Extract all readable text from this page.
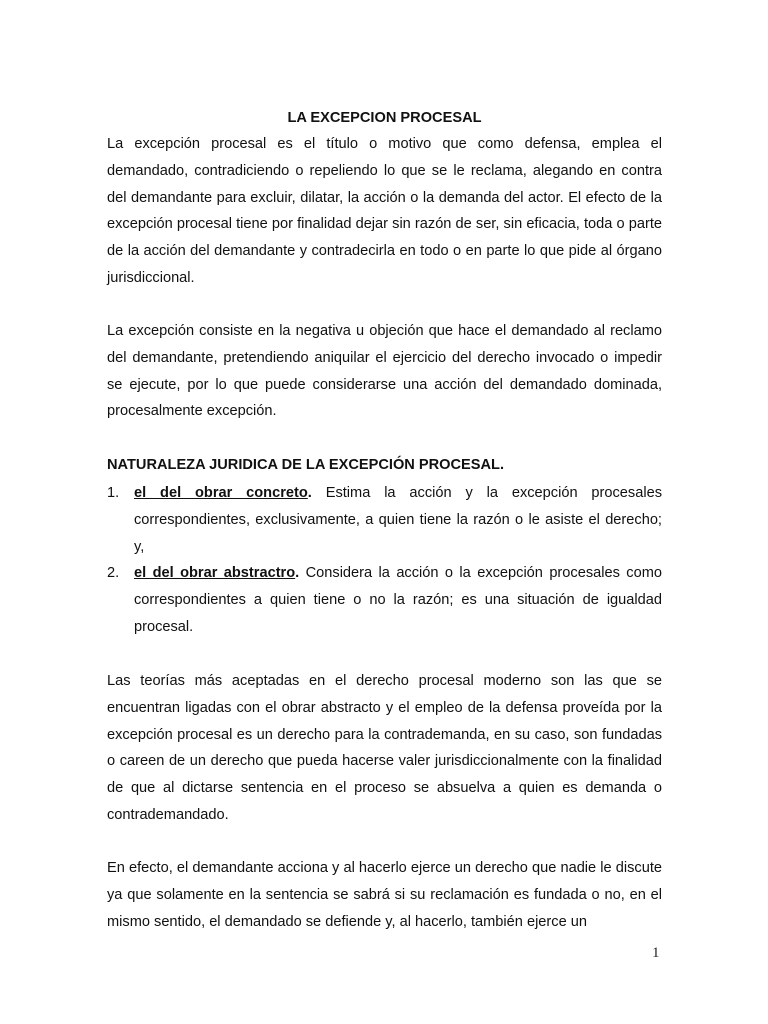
LA EXCEPCION PROCESAL

La excepción procesal es el título o motivo que como defensa, emplea el demandado, contradiciendo o repeliendo lo que se le reclama, alegando en contra del demandante para excluir, dilatar, la acción o la demanda del actor. El efecto de la excepción procesal tiene por finalidad dejar sin razón de ser, sin eficacia, toda o parte de la acción del demandante y contradecirla en todo o en parte lo que pide al órgano jurisdiccional.

La excepción consiste en la negativa u objeción que hace el demandado al reclamo del demandante, pretendiendo aniquilar el ejercicio del derecho invocado o impedir se ejecute, por lo que puede considerarse una acción del demandado dominada, procesalmente excepción.

NATURALEZA JURIDICA DE LA EXCEPCIÓN PROCESAL.
1. el del obrar concreto. Estima la acción y la excepción procesales correspondientes, exclusivamente, a quien tiene la razón o le asiste el derecho; y,

2. el del obrar abstractro. Considera la acción o la excepción procesales como correspondientes a quien tiene o no la razón; es una situación de igualdad procesal.

Las teorías más aceptadas en el derecho procesal moderno son las que se encuentran ligadas con el obrar abstracto y el empleo de la defensa proveída por la excepción procesal es un derecho para la contrademanda, en su caso, son fundadas o careen de un derecho que pueda hacerse valer jurisdiccionalmente con la finalidad de que al dictarse sentencia en el proceso se absuelva a quien es demanda o contrademandado.

En efecto, el demandante acciona y al hacerlo ejerce un derecho que nadie le discute ya que solamente en la sentencia se sabrá si su reclamación es fundada o no, en el mismo sentido, el demandado se defiende y, al hacerlo, también ejerce un

1
